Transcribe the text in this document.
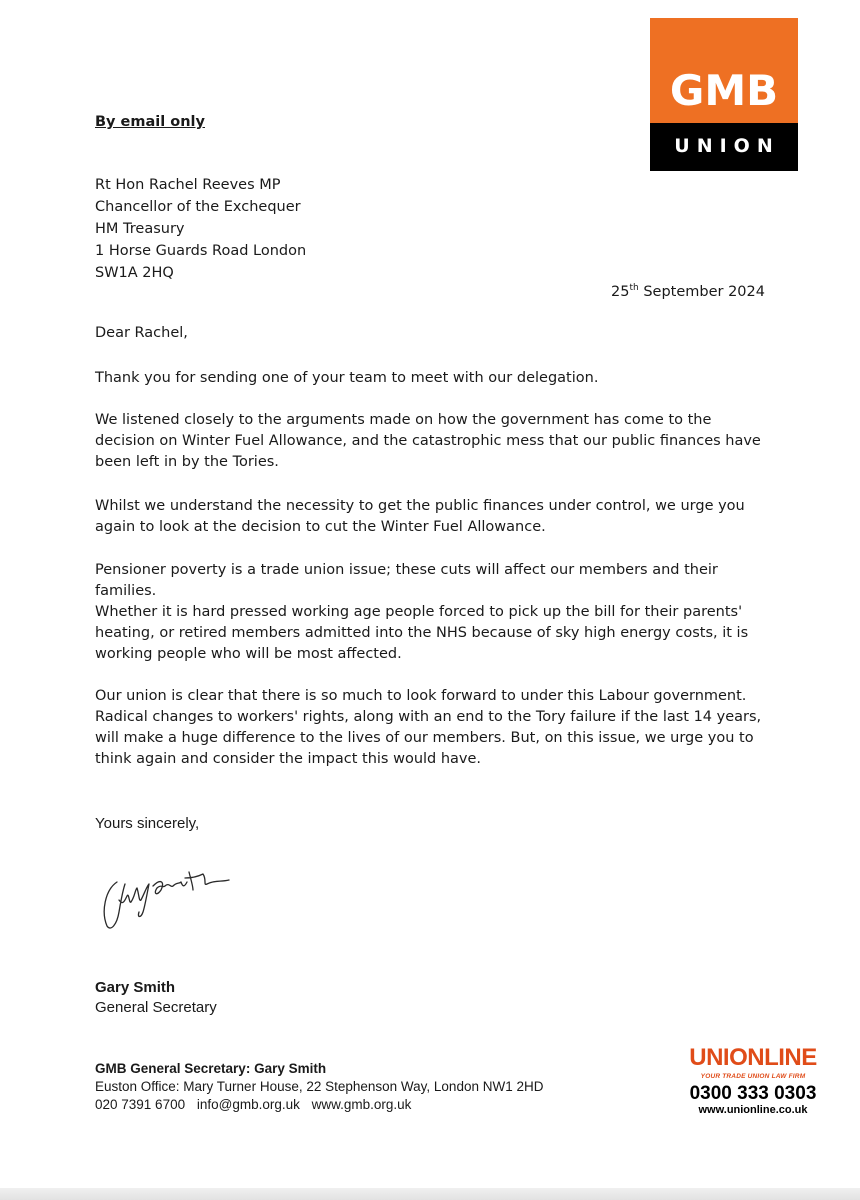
GMB
UNION
By email only
Rt Hon Rachel Reeves MP
Chancellor of the Exchequer
HM Treasury
1 Horse Guards Road London
SW1A 2HQ
25th September 2024
Dear Rachel,

Thank you for sending one of your team to meet with our delegation.

We listened closely to the arguments made on how the government has come to the decision on Winter Fuel Allowance, and the catastrophic mess that our public finances have been left in by the Tories.

Whilst we understand the necessity to get the public finances under control, we urge you again to look at the decision to cut the Winter Fuel Allowance.

Pensioner poverty is a trade union issue; these cuts will affect our members and their families.

Whether it is hard pressed working age people forced to pick up the bill for their parents' heating, or retired members admitted into the NHS because of sky high energy costs, it is working people who will be most affected.

Our union is clear that there is so much to look forward to under this Labour government. Radical changes to workers' rights, along with an end to the Tory failure if the last 14 years, will make a huge difference to the lives of our members. But, on this issue, we urge you to think again and consider the impact this would have.

Yours sincerely,
Gary Smith
General Secretary
GMB General Secretary: Gary Smith
Euston Office: Mary Turner House, 22 Stephenson Way, London NW1 2HD
020 7391 6700 info@gmb.org.uk www.gmb.org.uk
UNIONLINE
YOUR TRADE UNION LAW FIRM
0300 333 0303
www.unionline.co.uk
